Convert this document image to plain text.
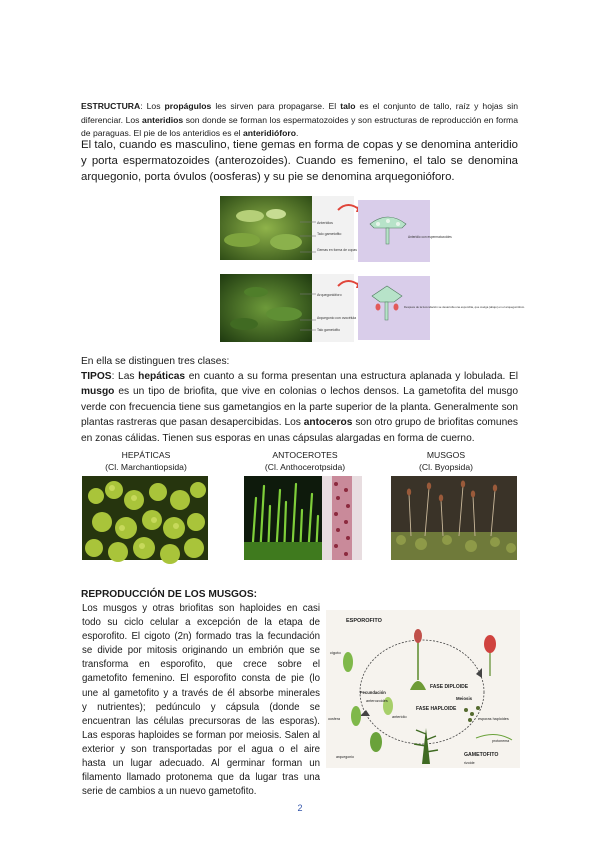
ESTRUCTURA: Los propágulos les sirven para propagarse. El talo es el conjunto de tallo, raíz y hojas sin diferenciar. Los anteridios son donde se forman los espermatozoides y son estructuras de reproducción en forma de paraguas. El pie de los anteridios es el anteridióforo.
El talo, cuando es masculino, tiene gemas en forma de copas y se denomina anteridio y porta espermatozoides (anterozoides). Cuando es femenino, el talo se denomina arquegonio, porta óvulos (oosferas) y su pie se denomina arquegonióforo.
Anteridios
Talo gametofito
Gemas en forma de copas
Arquegonióforo
Arquegonio con ovocélula
Talo gametofito
Anteridio con espermatozoides
Después de la fecundación se desarrolla una esporofita, que cuelga (abajo) en el arquegonióforo.
En ella se distinguen tres clases:
TIPOS: Las hepáticas en cuanto a su forma presentan una estructura aplanada y lobulada. El musgo es un tipo de briofita, que vive en colonias o lechos densos. La gametofita del musgo verde con frecuencia tiene sus gametangios en la parte superior de la planta. Generalmente son plantas rastreras que pasan desapercibidas. Los antoceros son otro grupo de briofitas comunes en zonas cálidas. Tienen sus esporas en unas cápsulas alargadas en forma de cuerno.
HEPÁTICAS
(Cl. Marchantiopsida)
ANTOCEROTES
(Cl. Anthocerotpsida)
MUSGOS
(Cl. Byopsida)
REPRODUCCIÓN DE LOS MUSGOS:
Los musgos y otras briofitas son haploides en casi
todo su ciclo celular a excepción de la etapa de
esporofito. El cigoto (2n) formado tras la fecundación
se divide por mitosis originando un embrión que se
transforma en esporofito, que crece sobre el
gametofito femenino. El esporofito consta de pie (lo
une al gametofito y a través de él absorbe minerales
y nutrientes); pedúnculo y cápsula (donde se
encuentran las células precursoras de las esporas).
Las esporas haploides se forman por meiosis. Salen al
exterior y son transportadas por el agua o el aire
hasta un lugar adecuado. Al germinar forman un
filamento llamado protonema que da lugar tras una
serie de cambios a un nuevo gametofito.
ESPOROFITO
cigoto
Fecundación
anterozoides
FASE DIPLOIDE
Meiosis
esporas haploides
FASE HAPLOIDE
anteridio
oosfera
arquegonio
protonema
GAMETOFITO
rizoide
2
